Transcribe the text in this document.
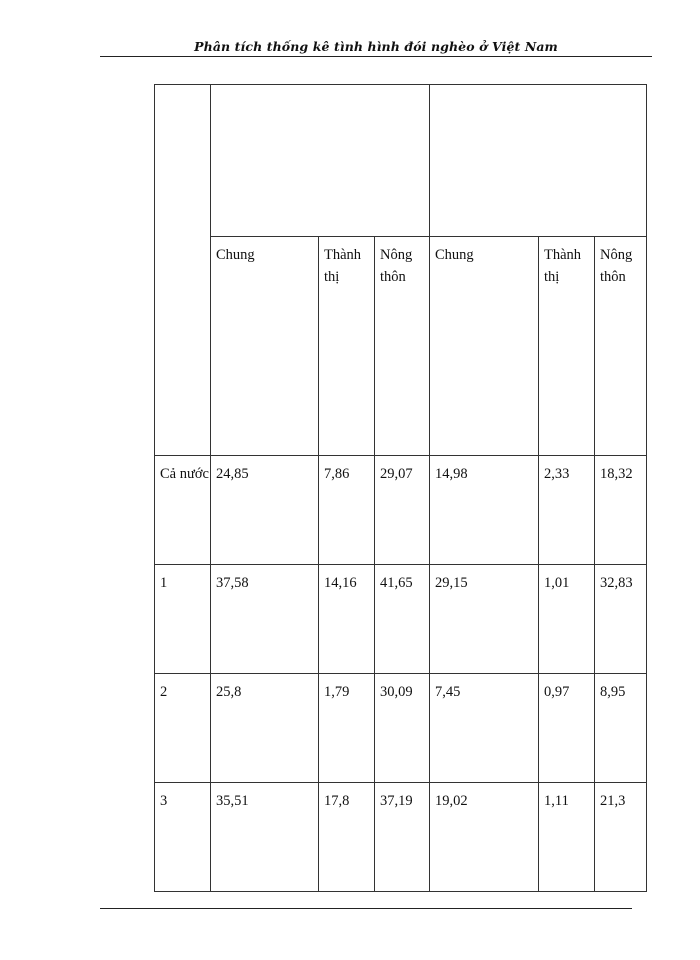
Phân tích thống kê tình hình đói nghèo ở Việt Nam

	Chung	Thành thị	Nông thôn	Chung	Thành thị	Nông thôn
Cả nước	24,85	7,86	29,07	14,98	2,33	18,32
1	37,58	14,16	41,65	29,15	1,01	32,83
2	25,8	1,79	30,09	7,45	0,97	8,95
3	35,51	17,8	37,19	19,02	1,11	21,3
